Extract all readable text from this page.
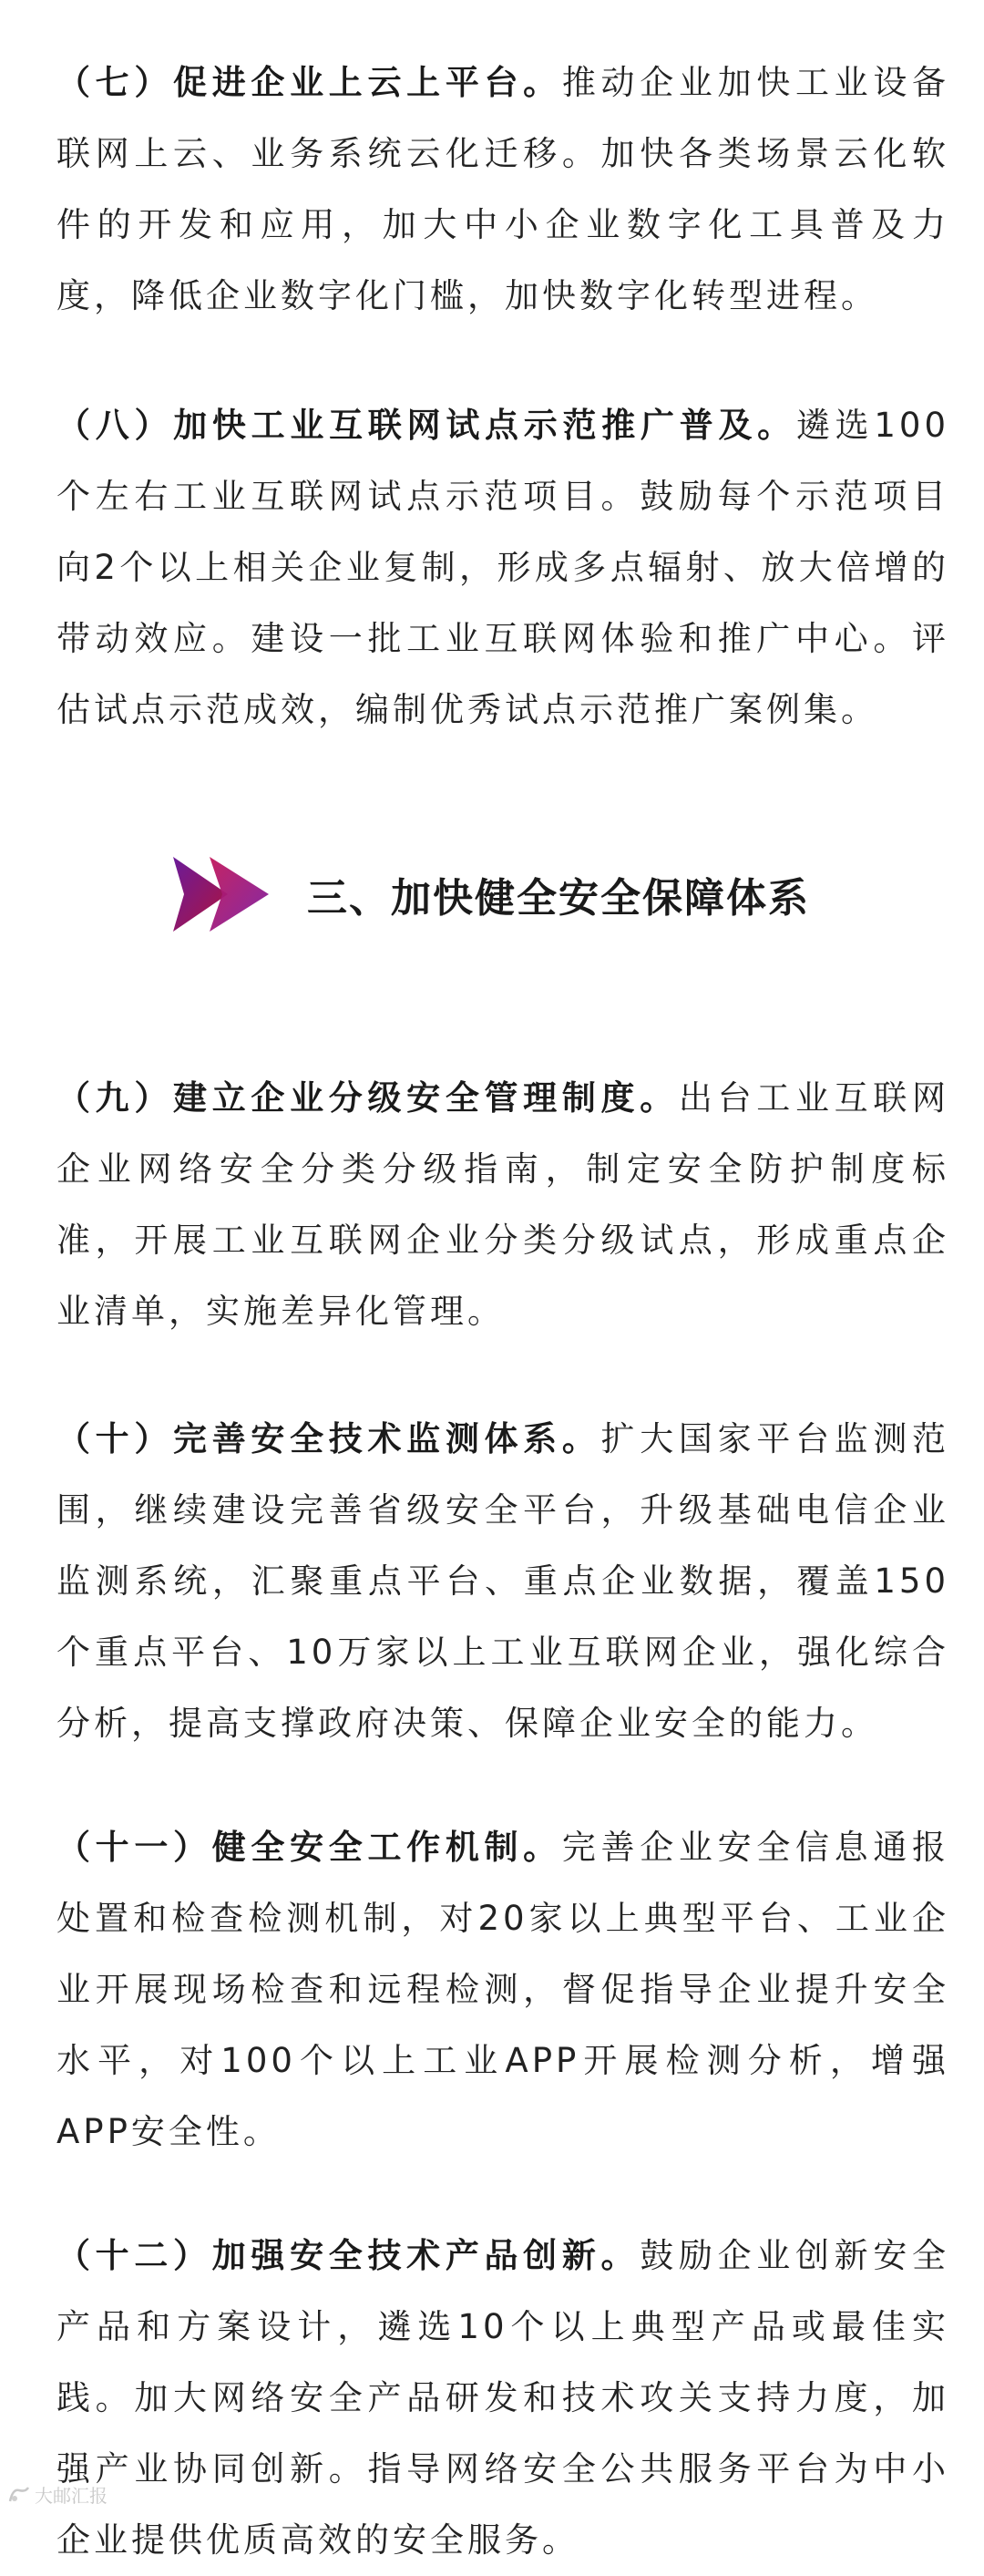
（七）促进企业上云上平台。推动企业加快工业设备联网上云、业务系统云化迁移。加快各类场景云化软件的开发和应用，加大中小企业数字化工具普及力度，降低企业数字化门槛，加快数字化转型进程。

（八）加快工业互联网试点示范推广普及。遴选100个左右工业互联网试点示范项目。鼓励每个示范项目向2个以上相关企业复制，形成多点辐射、放大倍增的带动效应。建设一批工业互联网体验和推广中心。评估试点示范成效，编制优秀试点示范推广案例集。

三、加快健全安全保障体系

（九）建立企业分级安全管理制度。出台工业互联网企业网络安全分类分级指南，制定安全防护制度标准，开展工业互联网企业分类分级试点，形成重点企业清单，实施差异化管理。

（十）完善安全技术监测体系。扩大国家平台监测范围，继续建设完善省级安全平台，升级基础电信企业监测系统，汇聚重点平台、重点企业数据，覆盖150个重点平台、10万家以上工业互联网企业，强化综合分析，提高支撑政府决策、保障企业安全的能力。

（十一）健全安全工作机制。完善企业安全信息通报处置和检查检测机制，对20家以上典型平台、工业企业开展现场检查和远程检测，督促指导企业提升安全水平，对100个以上工业APP开展检测分析，增强APP安全性。

（十二）加强安全技术产品创新。鼓励企业创新安全产品和方案设计，遴选10个以上典型产品或最佳实践。加大网络安全产品研发和技术攻关支持力度，加强产业协同创新。指导网络安全公共服务平台为中小企业提供优质高效的安全服务。

大邮汇报
